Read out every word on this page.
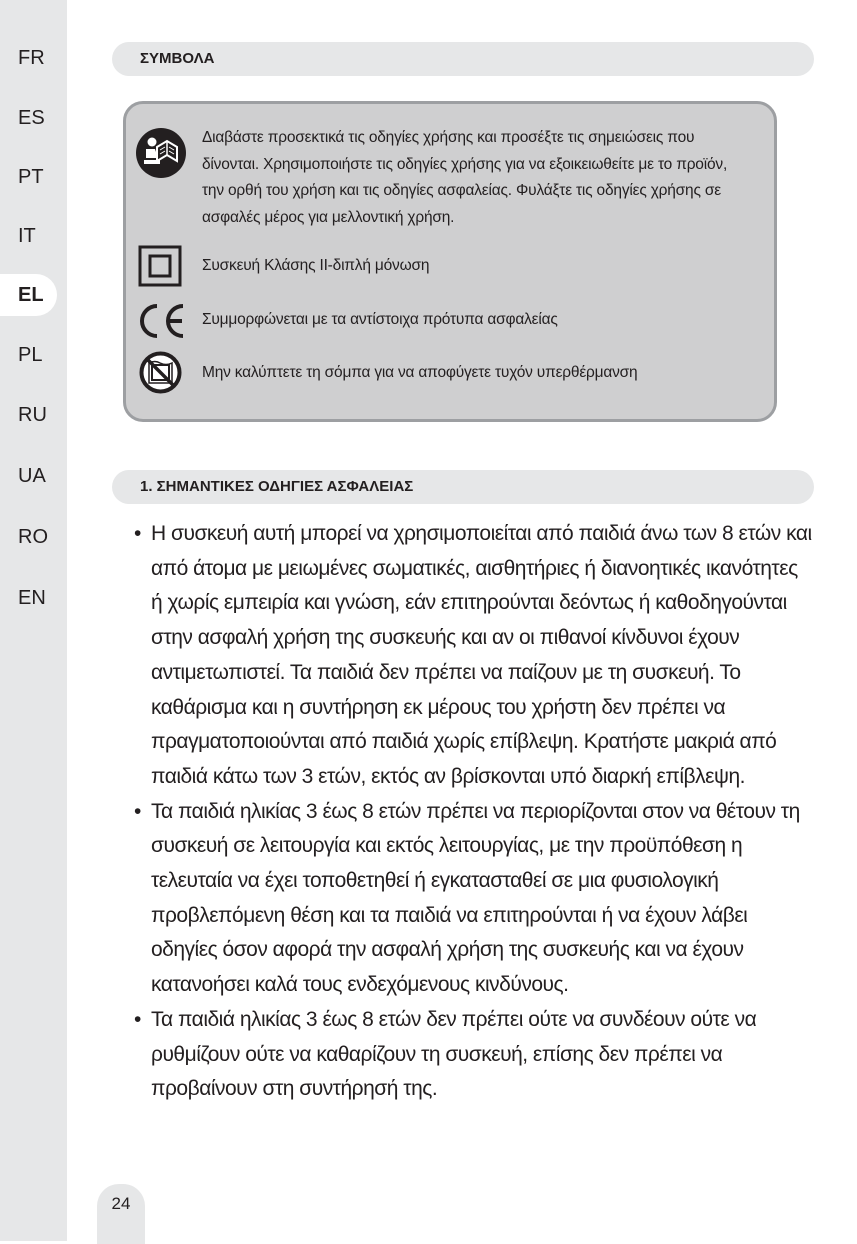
FR
ES
PT
IT
EL
PL
RU
UA
RO
EN
ΣΥΜΒΟΛΑ
Διαβάστε προσεκτικά τις οδηγίες χρήσης και προσέξτε τις σημειώσεις που δίνονται. Χρησιμοποιήστε τις οδηγίες χρήσης για να εξοικειωθείτε με το προϊόν, την ορθή του χρήση και τις οδηγίες ασφαλείας. Φυλάξτε τις οδηγίες χρήσης σε ασφαλές μέρος για μελλοντική χρήση.
Συσκευή Κλάσης II-διπλή μόνωση
Συμμορφώνεται με τα αντίστοιχα πρότυπα ασφαλείας
Μην καλύπτετε τη σόμπα για να αποφύγετε τυχόν υπερθέρμανση
1. ΣΗΜΑΝΤΙΚΕΣ ΟΔΗΓΙΕΣ ΑΣΦΑΛΕΙΑΣ
• Η συσκευή αυτή μπορεί να χρησιμοποιείται από παιδιά άνω των 8 ετών και από άτομα με μειωμένες σωματικές, αισθητήριες ή διανοητικές ικανότητες ή χωρίς εμπειρία και γνώση, εάν επιτηρούνται δεόντως ή καθοδηγούνται στην ασφαλή χρήση της συσκευής και αν οι πιθανοί κίνδυνοι έχουν αντιμετωπιστεί. Τα παιδιά δεν πρέπει να παίζουν με τη συσκευή. Το καθάρισμα και η συντήρηση εκ μέρους του χρήστη δεν πρέπει να πραγματοποιούνται από παιδιά χωρίς επίβλεψη. Κρατήστε μακριά από παιδιά κάτω των 3 ετών, εκτός αν βρίσκονται υπό διαρκή επίβλεψη.
• Τα παιδιά ηλικίας 3 έως 8 ετών πρέπει να περιορίζονται στον να θέτουν τη συσκευή σε λειτουργία και εκτός λειτουργίας, με την προϋπόθεση η τελευταία να έχει τοποθετηθεί ή εγκατασταθεί σε μια φυσιολογική προβλεπόμενη θέση και τα παιδιά να επιτηρούνται ή να έχουν λάβει οδηγίες όσον αφορά την ασφαλή χρήση της συσκευής και να έχουν κατανοήσει καλά τους ενδεχόμενους κινδύνους.
• Τα παιδιά ηλικίας 3 έως 8 ετών δεν πρέπει ούτε να συνδέουν ούτε να ρυθμίζουν ούτε να καθαρίζουν τη συσκευή, επίσης δεν πρέπει να προβαίνουν στη συντήρησή της.
24
